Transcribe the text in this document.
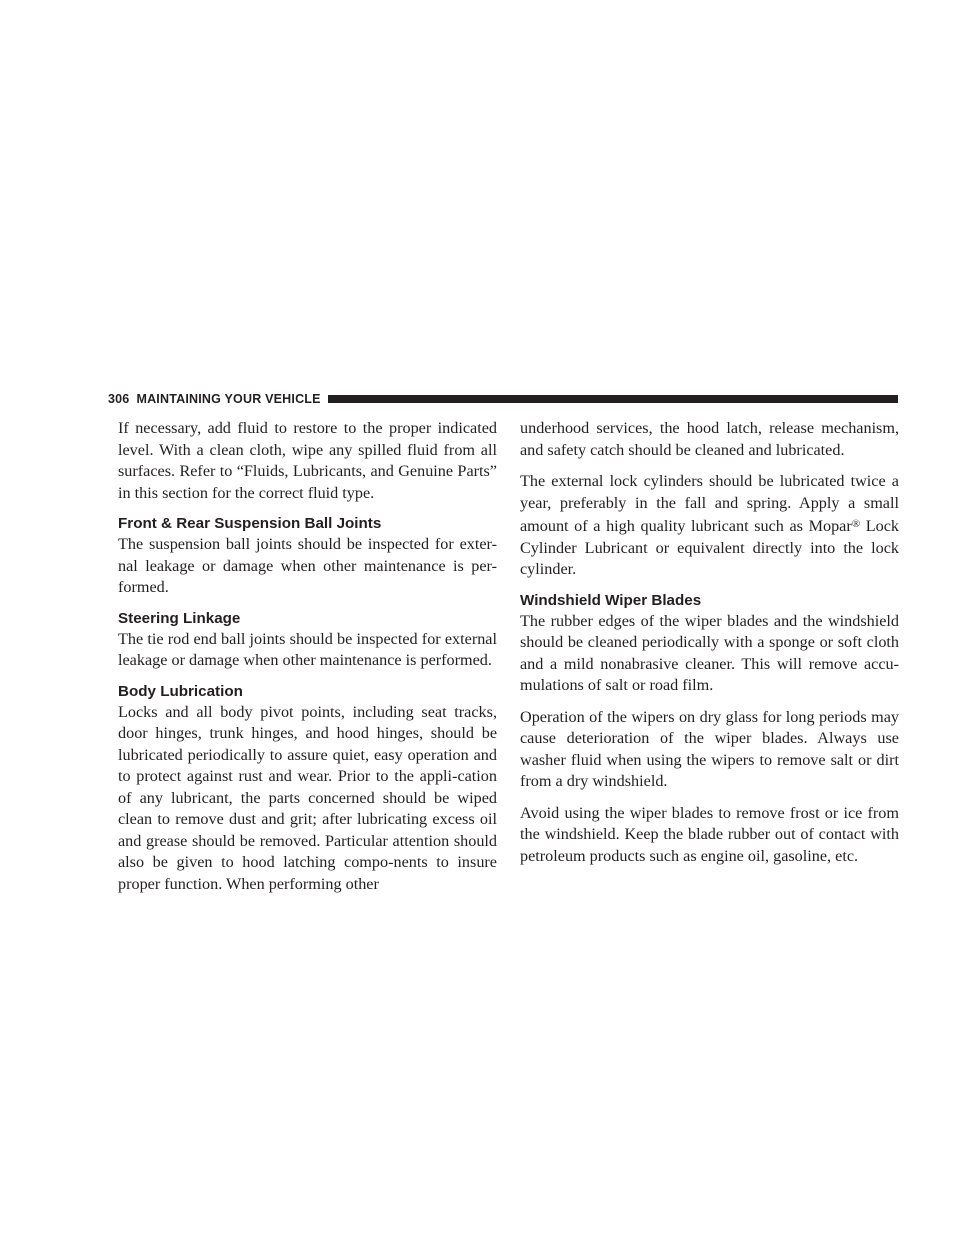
306 MAINTAINING YOUR VEHICLE

If necessary, add fluid to restore to the proper indicated level. With a clean cloth, wipe any spilled fluid from all surfaces. Refer to “Fluids, Lubricants, and Genuine Parts” in this section for the correct fluid type.

Front & Rear Suspension Ball Joints

The suspension ball joints should be inspected for exter-nal leakage or damage when other maintenance is per-formed.

Steering Linkage

The tie rod end ball joints should be inspected for external leakage or damage when other maintenance is performed.

Body Lubrication

Locks and all body pivot points, including seat tracks, door hinges, trunk hinges, and hood hinges, should be lubricated periodically to assure quiet, easy operation and to protect against rust and wear. Prior to the appli-cation of any lubricant, the parts concerned should be wiped clean to remove dust and grit; after lubricating excess oil and grease should be removed. Particular attention should also be given to hood latching compo-nents to insure proper function. When performing other

underhood services, the hood latch, release mechanism, and safety catch should be cleaned and lubricated.

The external lock cylinders should be lubricated twice a year, preferably in the fall and spring. Apply a small amount of a high quality lubricant such as Mopar® Lock Cylinder Lubricant or equivalent directly into the lock cylinder.

Windshield Wiper Blades

The rubber edges of the wiper blades and the windshield should be cleaned periodically with a sponge or soft cloth and a mild nonabrasive cleaner. This will remove accu-mulations of salt or road film.

Operation of the wipers on dry glass for long periods may cause deterioration of the wiper blades. Always use washer fluid when using the wipers to remove salt or dirt from a dry windshield.

Avoid using the wiper blades to remove frost or ice from the windshield. Keep the blade rubber out of contact with petroleum products such as engine oil, gasoline, etc.
